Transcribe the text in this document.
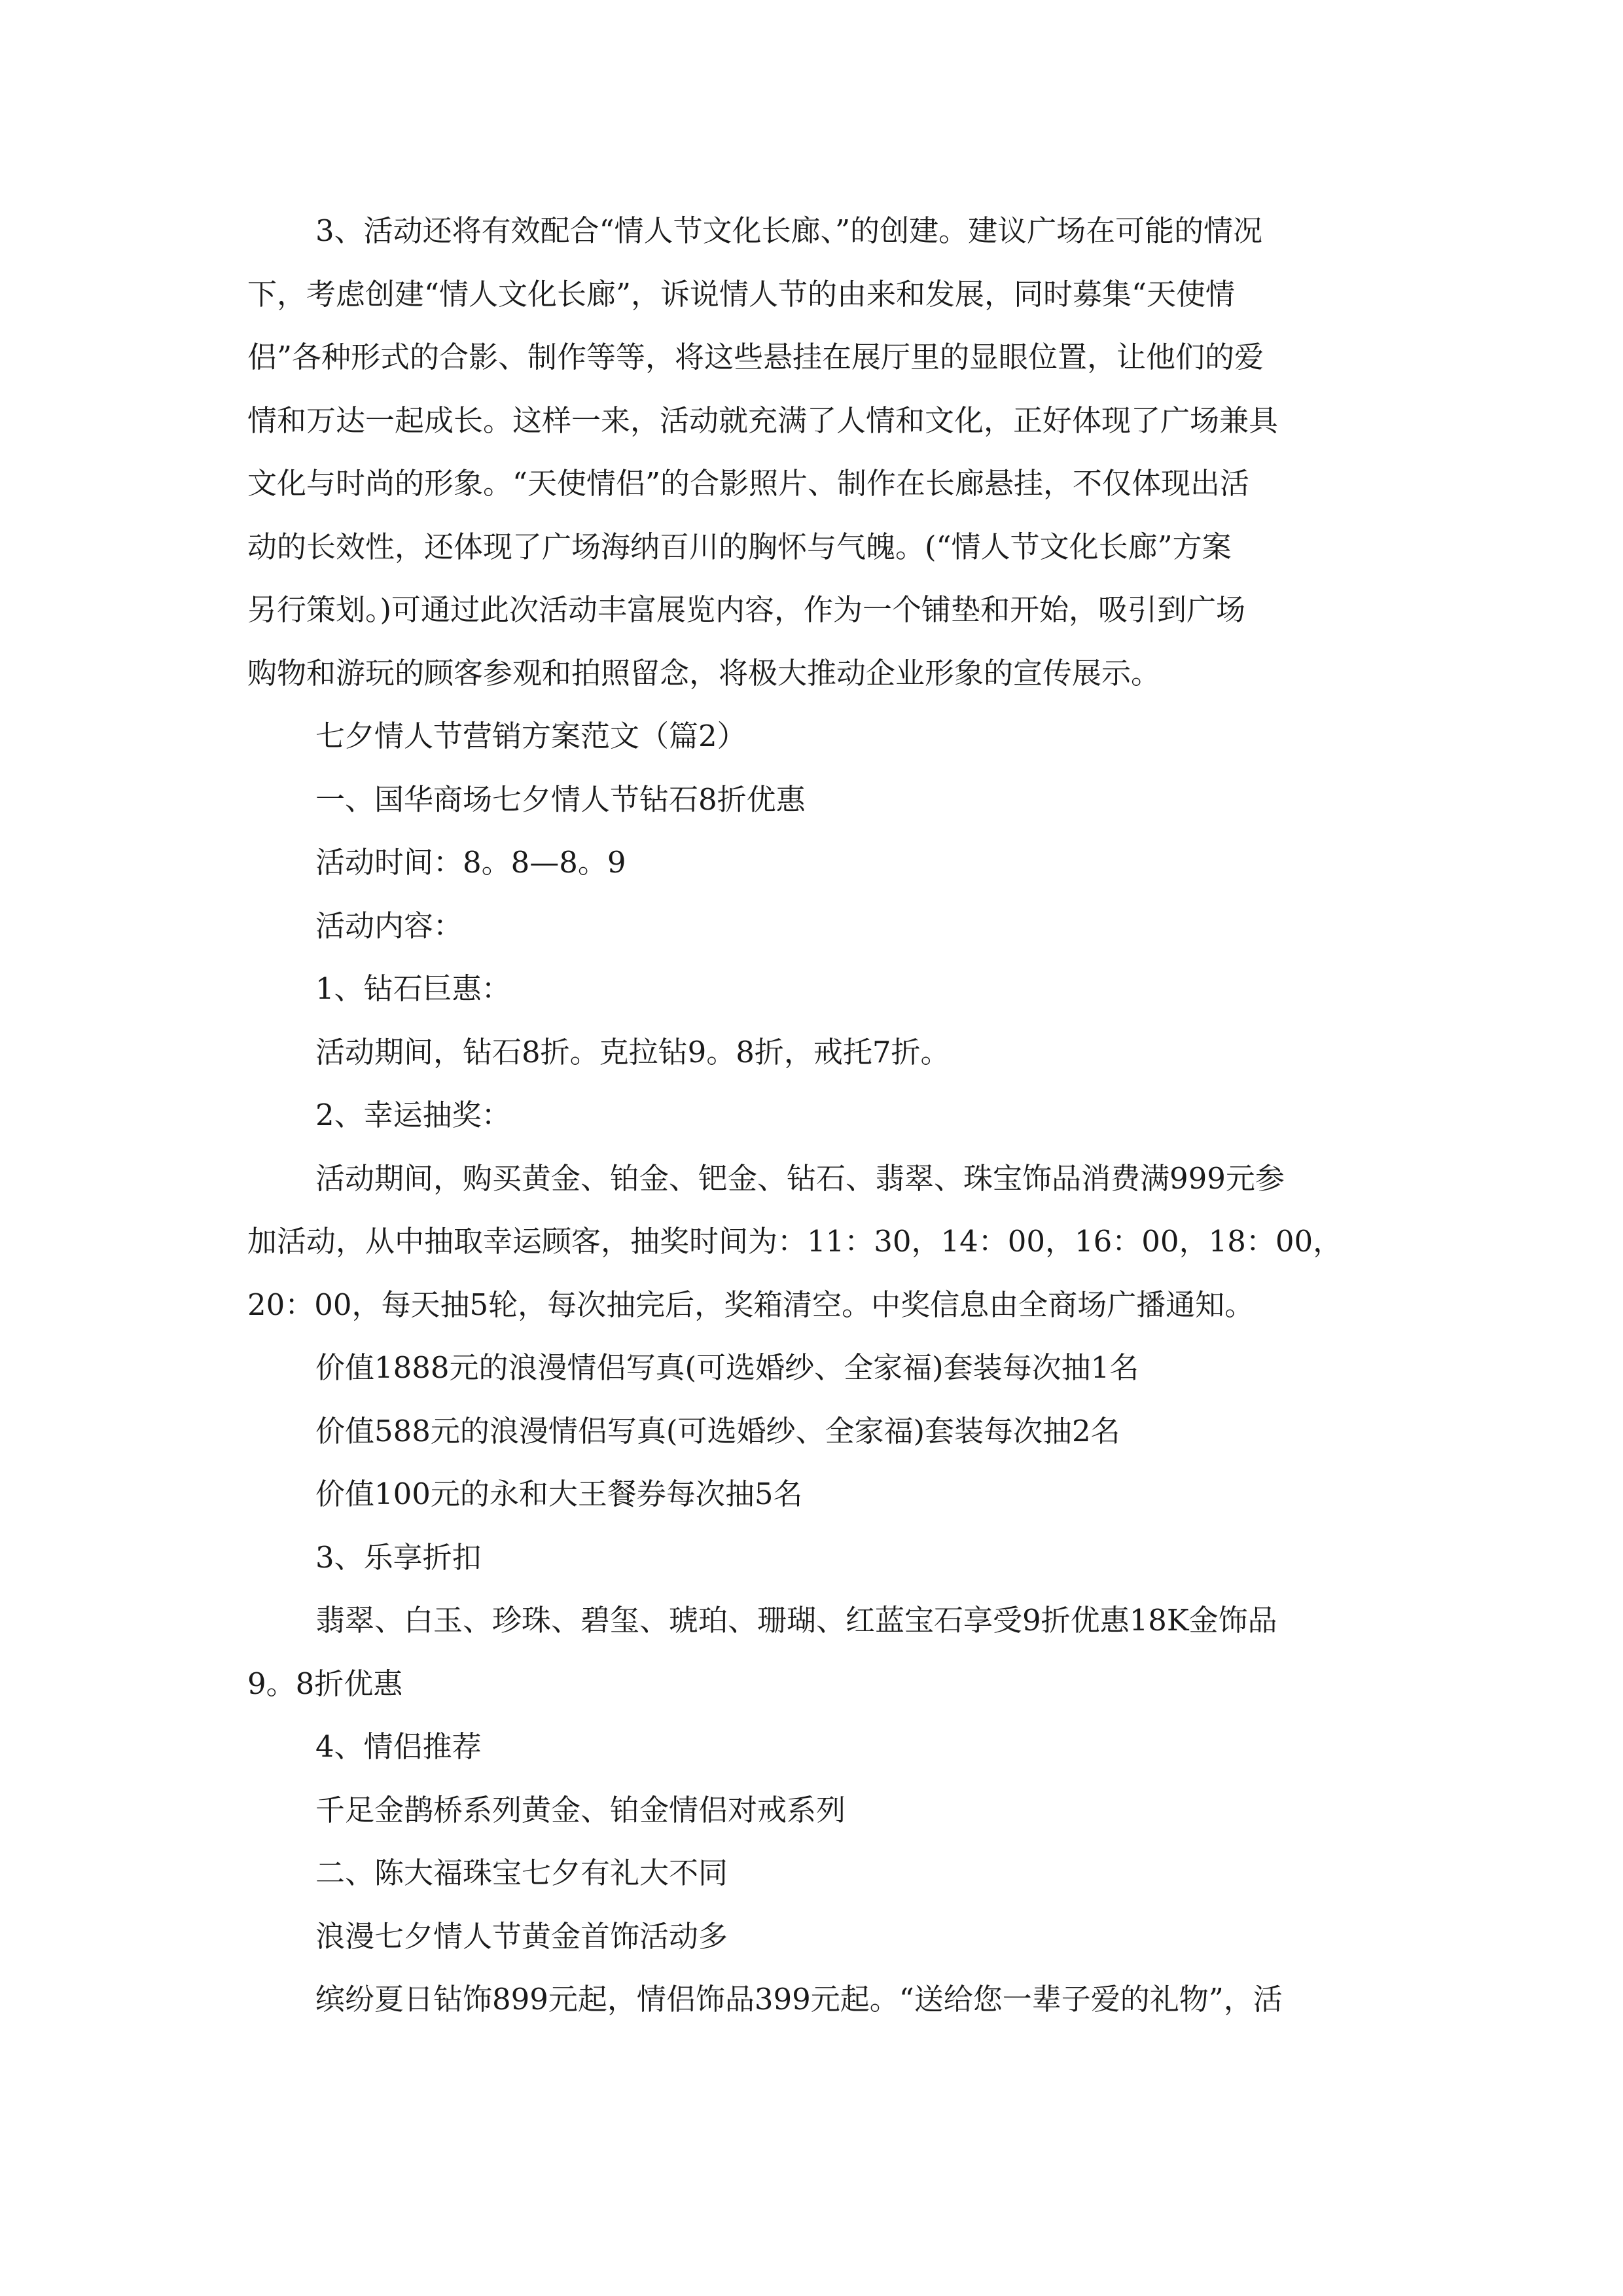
3、活动还将有效配合“情人节文化长廊、”的创建。建议广场在可能的情况
下，考虑创建“情人文化长廊”，诉说情人节的由来和发展，同时募集“天使情
侣”各种形式的合影、制作等等，将这些悬挂在展厅里的显眼位置，让他们的爱
情和万达一起成长。这样一来，活动就充满了人情和文化，正好体现了广场兼具
文化与时尚的形象。“天使情侣”的合影照片、制作在长廊悬挂，不仅体现出活
动的长效性，还体现了广场海纳百川的胸怀与气魄。(“情人节文化长廊”方案
另行策划。)可通过此次活动丰富展览内容，作为一个铺垫和开始，吸引到广场
购物和游玩的顾客参观和拍照留念，将极大推动企业形象的宣传展示。
七夕情人节营销方案范文（篇2）
一、国华商场七夕情人节钻石8折优惠
活动时间：8。8—8。9
活动内容：
1、钻石巨惠：
活动期间，钻石8折。克拉钻9。8折，戒托7折。
2、幸运抽奖：
活动期间，购买黄金、铂金、钯金、钻石、翡翠、珠宝饰品消费满999元参
加活动，从中抽取幸运顾客，抽奖时间为：11：30，14：00，16：00，18：00，
20：00，每天抽5轮，每次抽完后，奖箱清空。中奖信息由全商场广播通知。
价值1888元的浪漫情侣写真(可选婚纱、全家福)套装每次抽1名
价值588元的浪漫情侣写真(可选婚纱、全家福)套装每次抽2名
价值100元的永和大王餐券每次抽5名
3、乐享折扣
翡翠、白玉、珍珠、碧玺、琥珀、珊瑚、红蓝宝石享受9折优惠18K金饰品
9。8折优惠
4、情侣推荐
千足金鹊桥系列黄金、铂金情侣对戒系列
二、陈大福珠宝七夕有礼大不同
浪漫七夕情人节黄金首饰活动多
缤纷夏日钻饰899元起，情侣饰品399元起。“送给您一辈子爱的礼物”，活
